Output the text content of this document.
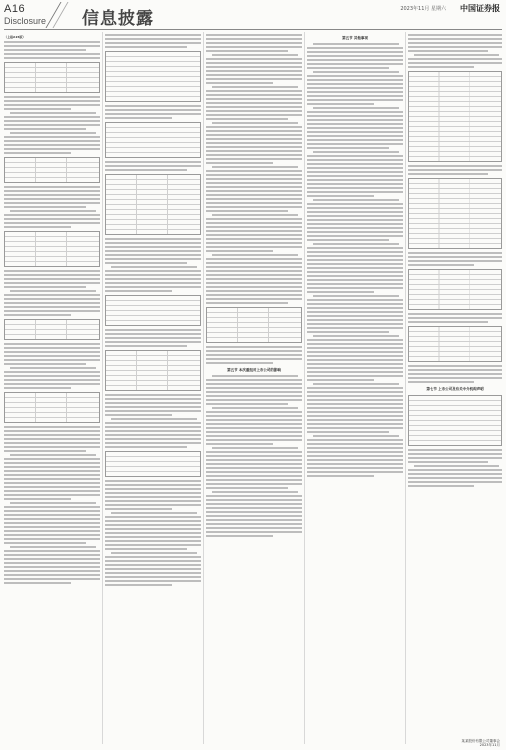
A16
Disclosure 信息披露	2023年11月 星期六 中国证券报
（上接A15版）
第五节 本次重组对上市公司的影响
第五节 其他事项
第七节 上市公司及有关中介机构声明
某某股份有限公司董事会
2023年11月
